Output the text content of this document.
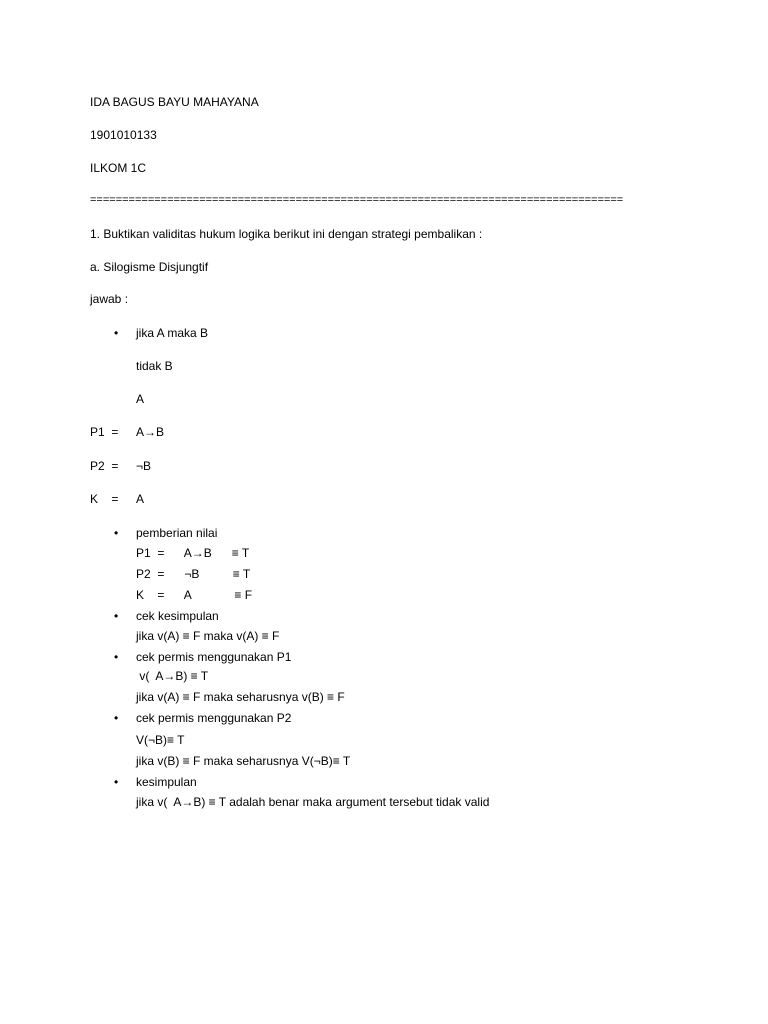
IDA BAGUS BAYU MAHAYANA
1901010133
ILKOM 1C
===================================================================================
1. Buktikan validitas hukum logika berikut ini dengan strategi pembalikan :
a. Silogisme Disjungtif
jawab :
• jika A maka B
tidak B
A
P1  = A→B
P2  = ¬B
K    = A
• pemberian nilai
P1  =      A→B      ≡ T
P2  =      ¬B          ≡ T
K    =      A             ≡ F
• cek kesimpulan
jika v(A) ≡ F maka v(A) ≡ F
• cek permis menggunakan P1
v(  A→B) ≡ T
jika v(A) ≡ F maka seharusnya v(B) ≡ F
• cek permis menggunakan P2
V(¬B)≡ T
jika v(B) ≡ F maka seharusnya V(¬B)≡ T
• kesimpulan
jika v(  A→B) ≡ T adalah benar maka argument tersebut tidak valid
